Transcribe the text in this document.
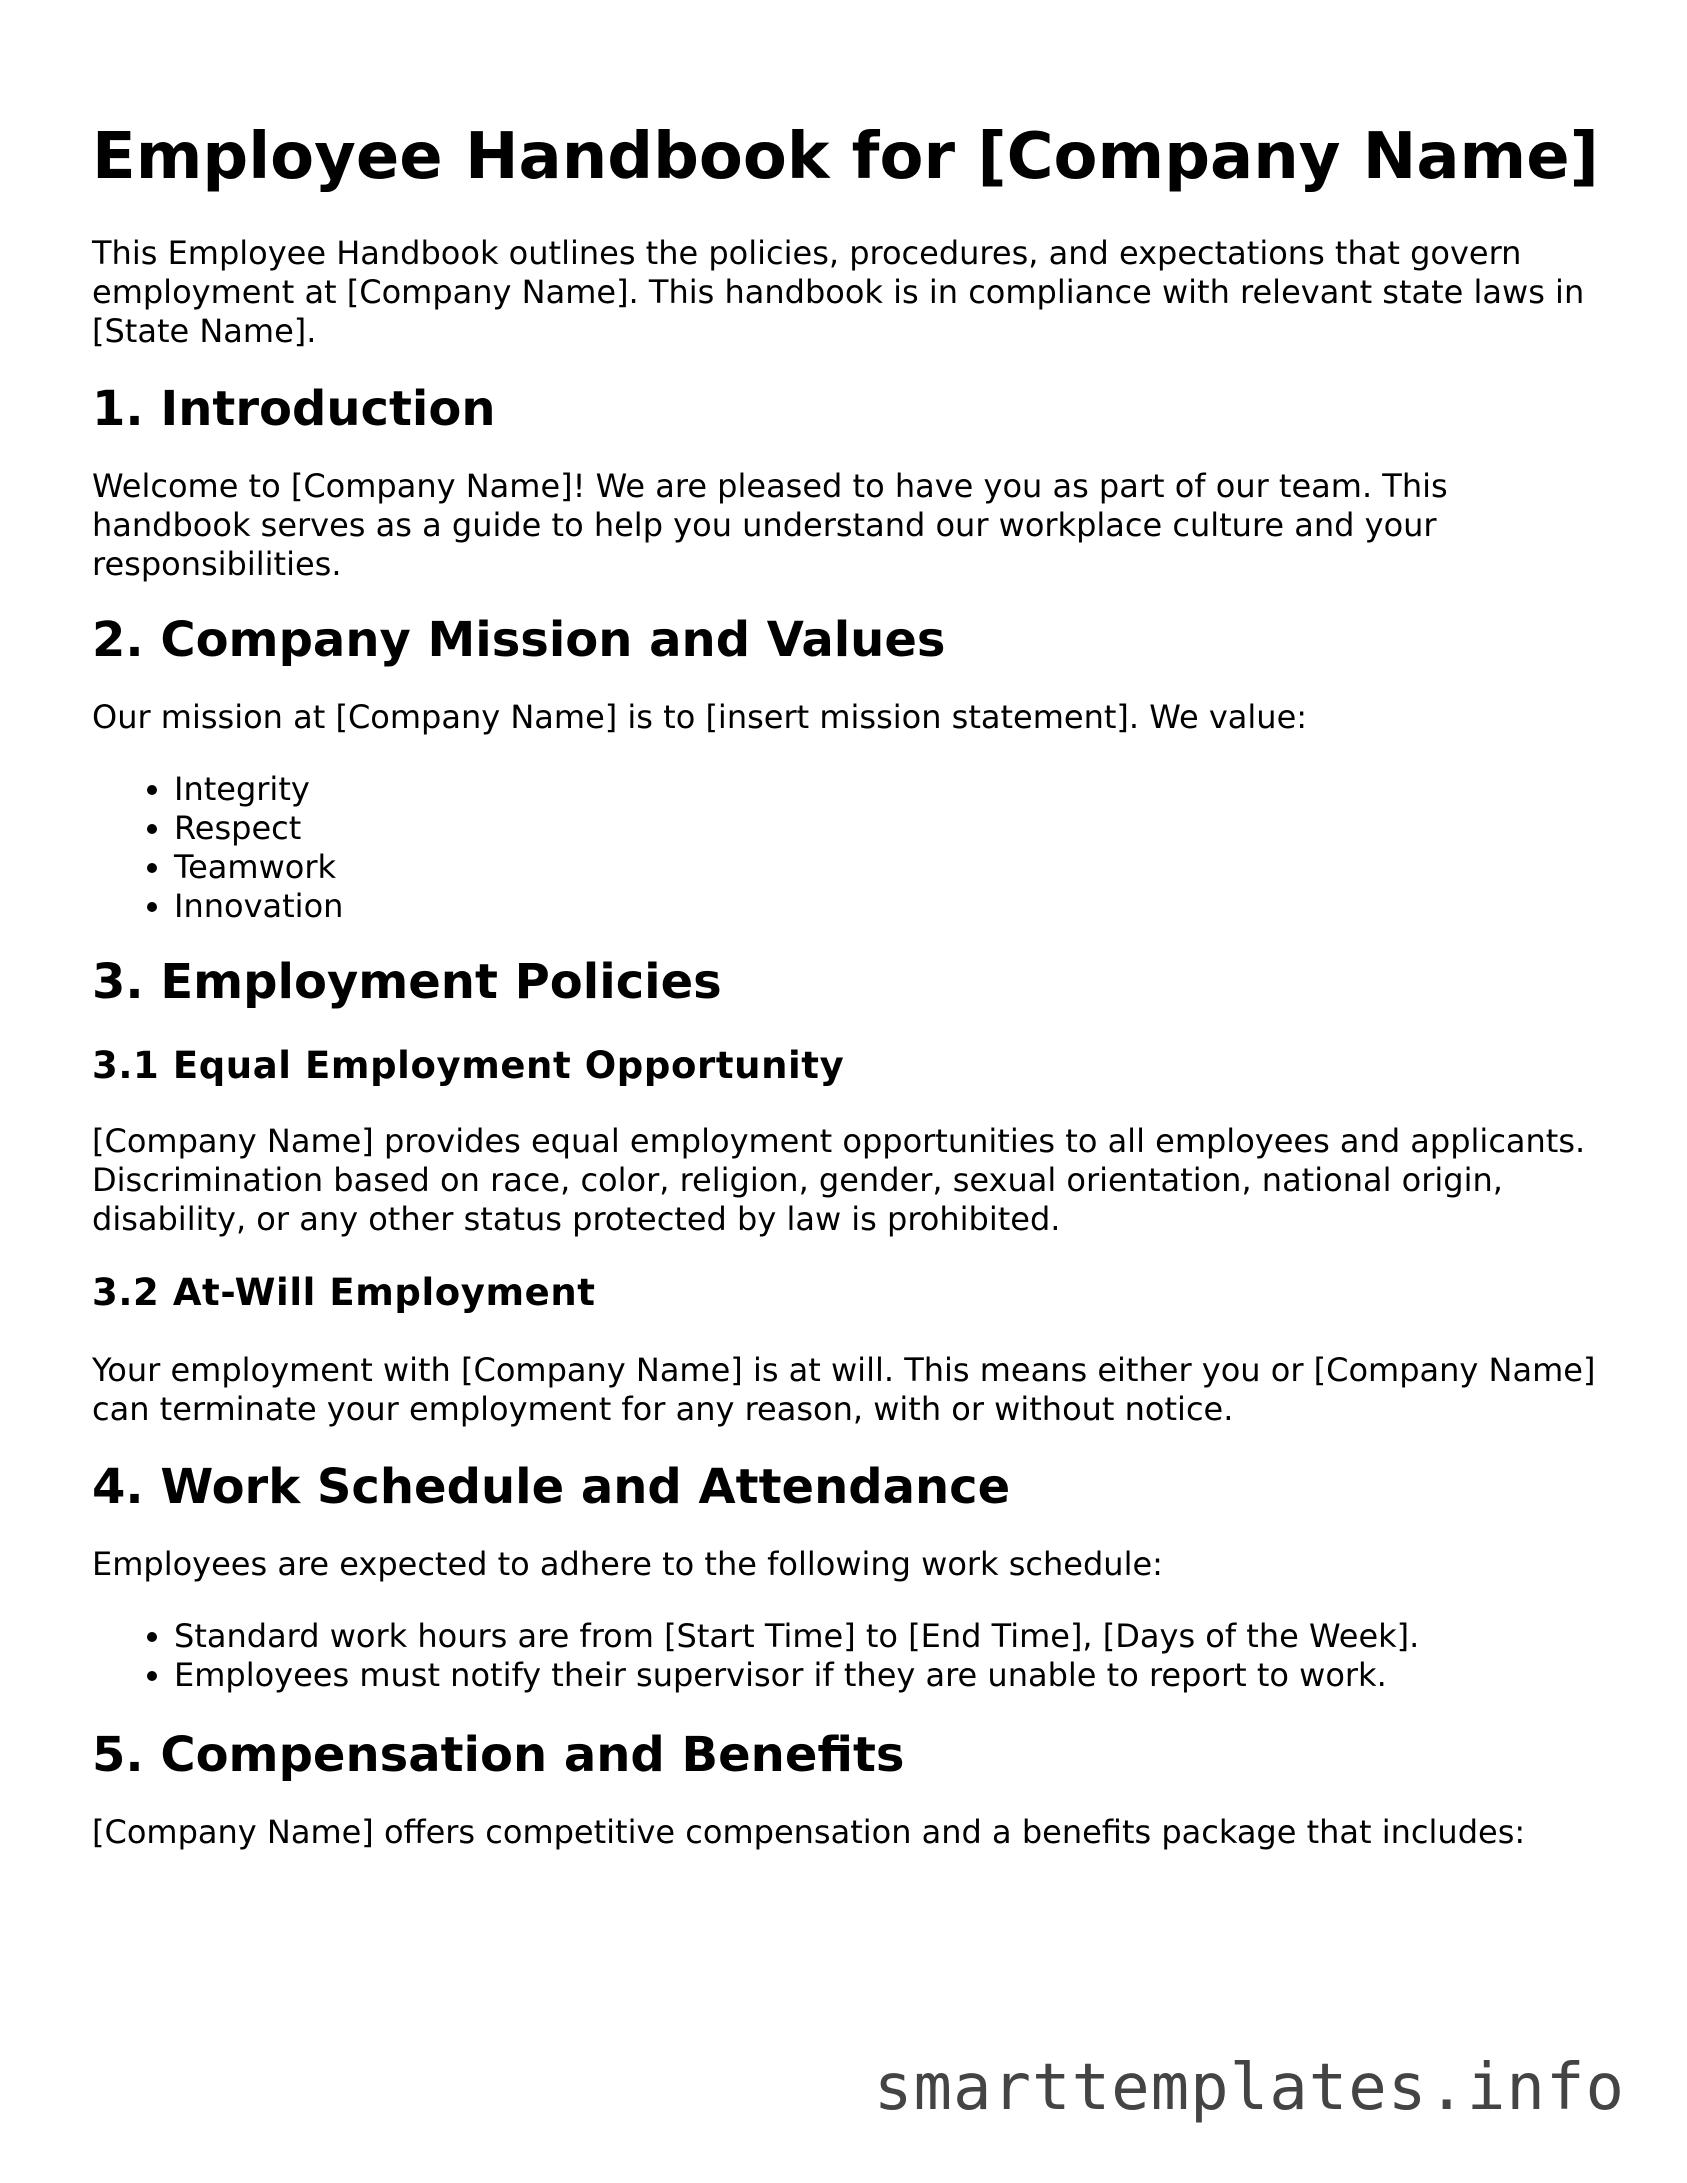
Employee Handbook for [Company Name]

This Employee Handbook outlines the policies, procedures, and expectations that govern employment at [Company Name]. This handbook is in compliance with relevant state laws in [State Name].

1. Introduction

Welcome to [Company Name]! We are pleased to have you as part of our team. This handbook serves as a guide to help you understand our workplace culture and your responsibilities.

2. Company Mission and Values

Our mission at [Company Name] is to [insert mission statement]. We value:

• Integrity
• Respect
• Teamwork
• Innovation
3. Employment Policies
3.1 Equal Employment Opportunity

[Company Name] provides equal employment opportunities to all employees and applicants. Discrimination based on race, color, religion, gender, sexual orientation, national origin, disability, or any other status protected by law is prohibited.

3.2 At-Will Employment

Your employment with [Company Name] is at will. This means either you or [Company Name] can terminate your employment for any reason, with or without notice.

4. Work Schedule and Attendance

Employees are expected to adhere to the following work schedule:

• Standard work hours are from [Start Time] to [End Time], [Days of the Week].
• Employees must notify their supervisor if they are unable to report to work.
5. Compensation and Benefits

[Company Name] offers competitive compensation and a benefits package that includes:

smarttemplates.info
